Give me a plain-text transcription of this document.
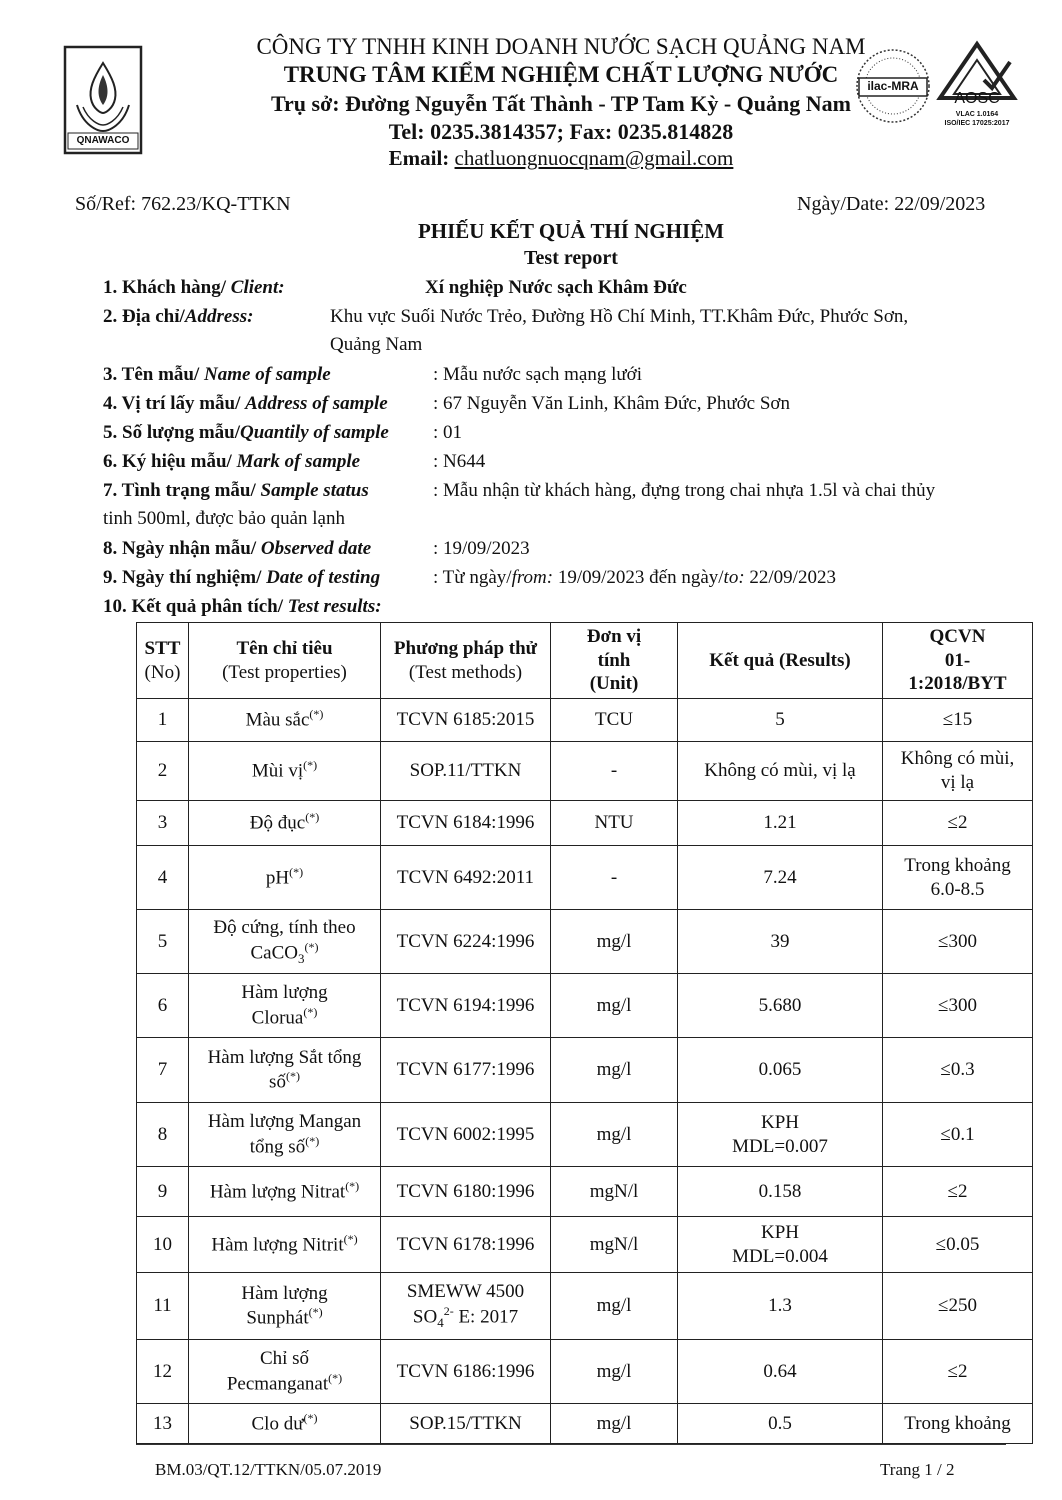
QNAWACO
CÔNG TY TNHH KINH DOANH NƯỚC SẠCH QUẢNG NAM
TRUNG TÂM KIỂM NGHIỆM CHẤT LƯỢNG NƯỚC
Trụ sở: Đường Nguyễn Tất Thành - TP Tam Kỳ - Quảng Nam
Tel: 0235.3814357; Fax: 0235.814828
Email: chatluongnuocqnam@gmail.com
ilac-MRA
AOSC
VLAC 1.0164
ISO/IEC 17025:2017
Số/Ref: 762.23/KQ-TTKN	Ngày/Date: 22/09/2023
PHIẾU KẾT QUẢ THÍ NGHIỆM
Test report
1. Khách hàng/ Client:	Xí nghiệp Nước sạch Khâm Đức
2. Địa chỉ/Address:	Khu vực Suối Nước Trẻo, Đường Hồ Chí Minh, TT.Khâm Đức, Phước Sơn,
Quảng Nam
3. Tên mẫu/ Name of sample	: Mẫu nước sạch mạng lưới
4. Vị trí lấy mẫu/ Address of sample : 67 Nguyễn Văn Linh, Khâm Đức, Phước Sơn
5. Số lượng mẫu/Quantily of sample : 01
6. Ký hiệu mẫu/ Mark of sample	: N644
7. Tình trạng mẫu/ Sample status	: Mẫu nhận từ khách hàng, đựng trong chai nhựa 1.5l và chai thủy
tinh 500ml, được bảo quản lạnh
8. Ngày nhận mẫu/ Observed date	: 19/09/2023
9. Ngày thí nghiệm/ Date of testing	: Từ ngày/from: 19/09/2023 đến ngày/to: 22/09/2023
10. Kết quả phân tích/ Test results:
STT
(No)	Tên chỉ tiêu
(Test properties)	Phương pháp thử
(Test methods)	Đơn vị
tính
(Unit)	Kết quả (Results)	QCVN
01-
1:2018/BYT
1	Màu sắc(*)	TCVN 6185:2015	TCU	5	≤15
2	Mùi vị(*)	SOP.11/TTKN	-	Không có mùi, vị lạ	Không có mùi,
vị lạ
3	Độ đục(*)	TCVN 6184:1996	NTU	1.21	≤2
4	pH(*)	TCVN 6492:2011	-	7.24	Trong khoảng
6.0-8.5
5	Độ cứng, tính theo
CaCO$_3$(*)	TCVN 6224:1996	mg/l	39	≤300
6	Hàm lượng
Clorua(*)	TCVN 6194:1996	mg/l	5.680	≤300
7	Hàm lượng Sắt tổng
số(*)	TCVN 6177:1996	mg/l	0.065	≤0.3
8	Hàm lượng Mangan
tổng số(*)	TCVN 6002:1995	mg/l	KPH
MDL=0.007	≤0.1
9	Hàm lượng Nitrat(*)	TCVN 6180:1996	mgN/l	0.158	≤2
10	Hàm lượng Nitrit(*)	TCVN 6178:1996	mgN/l	KPH
MDL=0.004	≤0.05
11	Hàm lượng
Sunphát(*)	SMEWW 4500
$SO_4^{2-}$ E: 2017	mg/l	1.3	≤250
12	Chỉ số
Pecmanganat(*)	TCVN 6186:1996	mg/l	0.64	≤2
13	Clo dư(*)	SOP.15/TTKN	mg/l	0.5	Trong khoảng
BM.03/QT.12/TTKN/05.07.2019	Trang 1 / 2
